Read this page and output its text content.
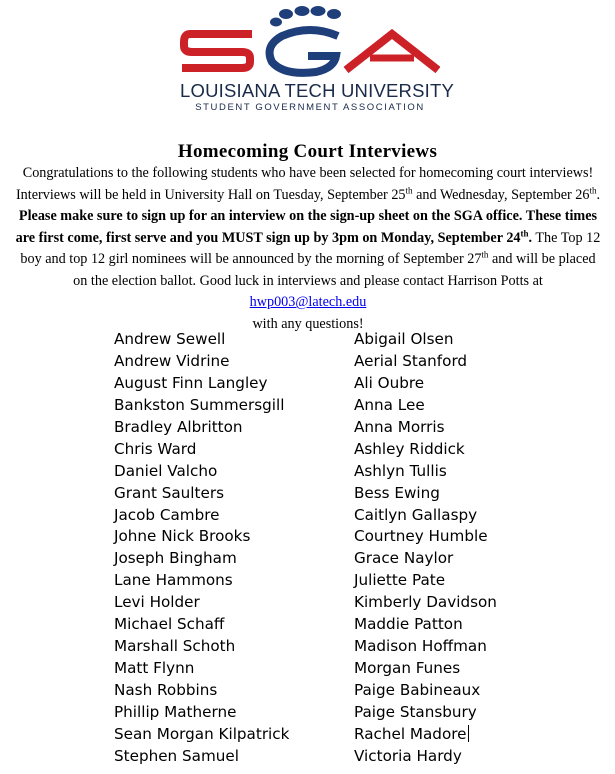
LOUISIANA TECH UNIVERSITY
STUDENT GOVERNMENT ASSOCIATION
Homecoming Court Interviews
Congratulations to the following students who have been selected for homecoming court interviews! Interviews will be held in University Hall on Tuesday, September 25th and Wednesday, September 26th. Please make sure to sign up for an interview on the sign-up sheet on the SGA office. These times are first come, first serve and you MUST sign up by 3pm on Monday, September 24th. The Top 12 boy and top 12 girl nominees will be announced by the morning of September 27th and will be placed on the election ballot. Good luck in interviews and please contact Harrison Potts at hwp003@latech.edu
with any questions!
Andrew Sewell
Andrew Vidrine
August Finn Langley
Bankston Summersgill
Bradley Albritton
Chris Ward
Daniel Valcho
Grant Saulters
Jacob Cambre
Johne Nick Brooks
Joseph Bingham
Lane Hammons
Levi Holder
Michael Schaff
Marshall Schoth
Matt Flynn
Nash Robbins
Phillip Matherne
Sean Morgan Kilpatrick
Stephen Samuel
Abigail Olsen
Aerial Stanford
Ali Oubre
Anna Lee
Anna Morris
Ashley Riddick
Ashlyn Tullis
Bess Ewing
Caitlyn Gallaspy
Courtney Humble
Grace Naylor
Juliette Pate
Kimberly Davidson
Maddie Patton
Madison Hoffman
Morgan Funes
Paige Babineaux
Paige Stansbury
Rachel Madore
Victoria Hardy
